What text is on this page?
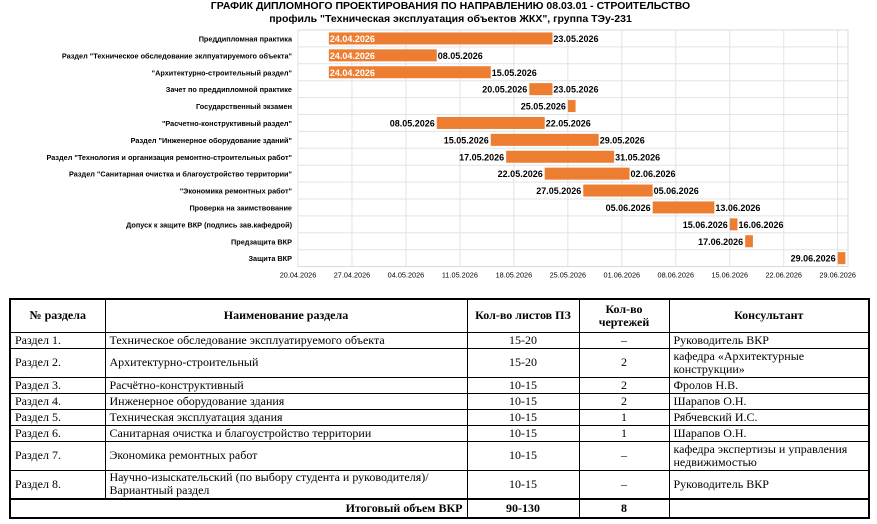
ГРАФИК ДИПЛОМНОГО ПРОЕКТИРОВАНИЯ ПО НАПРАВЛЕНИЮ 08.03.01 - СТРОИТЕЛЬСТВО
профиль "Техническая эксплуатация объектов ЖКХ", группа ТЭу-231
20.04.2026 27.04.2026 04.05.2026 11.05.2026 18.05.2026 25.05.2026 01.06.2026 08.06.2026 15.06.2026 22.06.2026 29.06.2026
Преддипломная практика	24.04.2026	23.05.2026
Раздел "Техническое обследование эклпуатируемого объекта"	24.04.2026	08.05.2026
"Архитектурно-строительный раздел"	24.04.2026	15.05.2026
Зачет по преддипломной практике	20.05.2026	23.05.2026
Государственный экзамен	25.05.2026
"Расчетно-конструктивный раздел"	08.05.2026	22.05.2026
Раздел "Инженерное оборудование зданий"	15.05.2026	29.05.2026
Раздел "Технология и организация ремонтно-строительных работ"	17.05.2026	31.05.2026
Раздел "Санитарная очистка и благоустройство территории"	22.05.2026	02.06.2026
"Экономика ремонтных работ"	27.05.2026	05.06.2026
Проверка на заимствование	05.06.2026	13.06.2026
Допуск к защите ВКР (подпись зав.кафедрой)	15.06.2026 16.06.2026
Предзащита ВКР	17.06.2026
Защита ВКР	29.06.2026
№ раздела	Наименование раздела	Кол-во листов ПЗ	Кол-во чертежей	Консультант
Раздел 1.	Техническое обследование эксплуатируемого объекта	15-20	–	Руководитель ВКР
Раздел 2.	Архитектурно-строительный	15-20	2	кафедра «Архитектурные конструкции»
Раздел 3.	Расчётно-конструктивный	10-15	2	Фролов Н.В.
Раздел 4.	Инженерное оборудование здания	10-15	2	Шарапов О.Н.
Раздел 5.	Техническая эксплуатация здания	10-15	1	Рябчевский И.С.
Раздел 6.	Санитарная очистка и благоустройство территории	10-15	1	Шарапов О.Н.
Раздел 7.	Экономика ремонтных работ	10-15	–	кафедра экспертизы и управления недвижимостью
Раздел 8.	Научно-изыскательский (по выбору студента и руководителя)/ Вариантный раздел	10-15	–	Руководитель ВКР
Итоговый объем ВКР		90-130	8	
